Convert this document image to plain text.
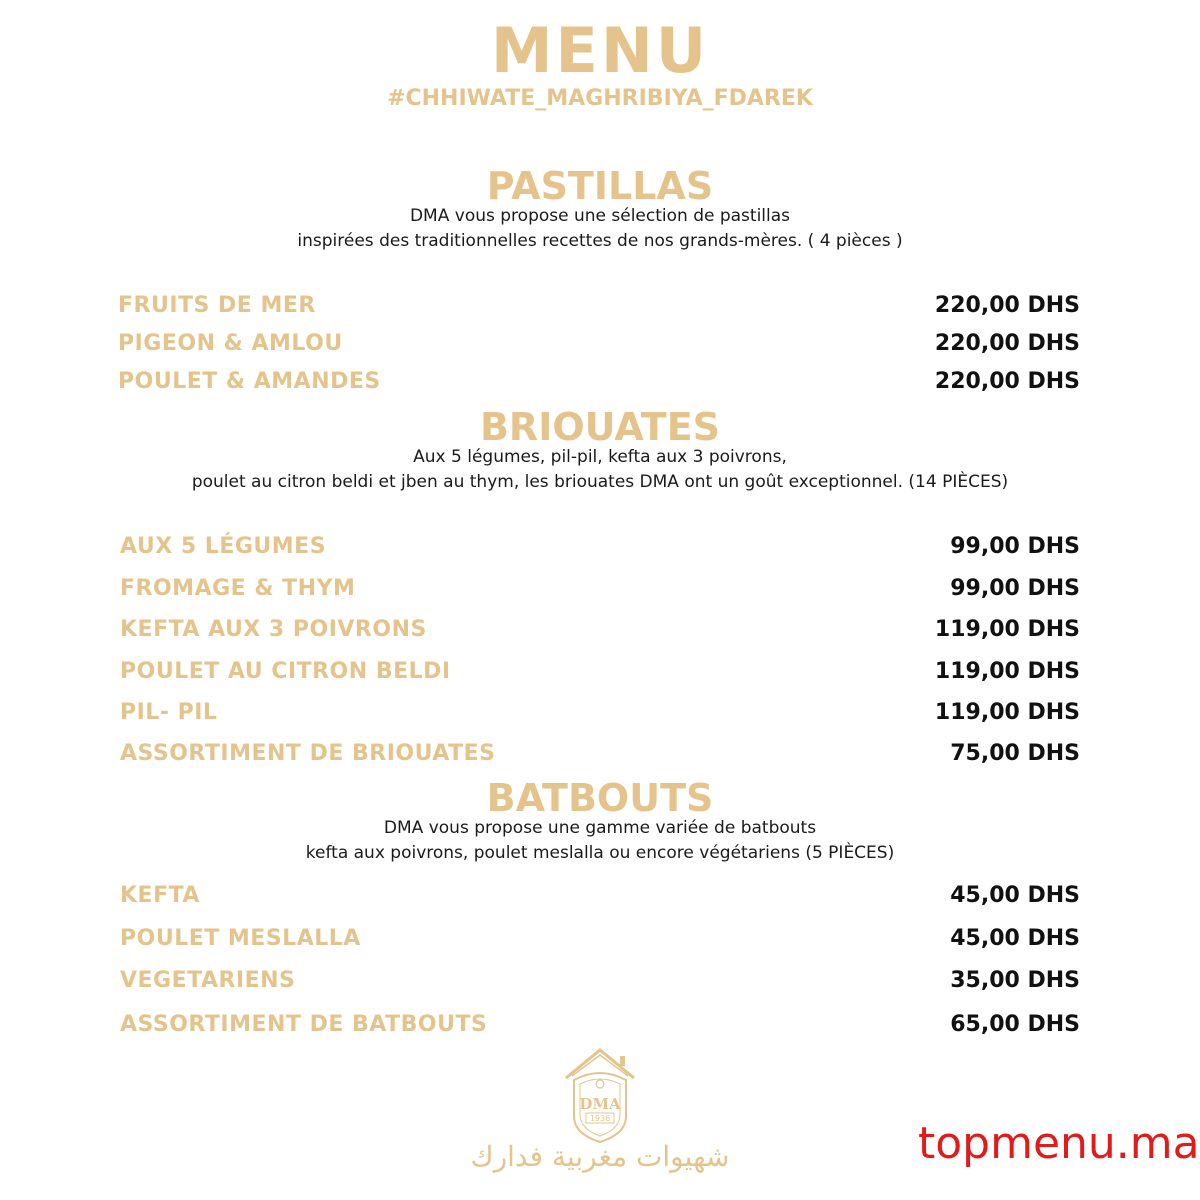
MENU
#CHHIWATE_MAGHRIBIYA_FDAREK
PASTILLAS
DMA vous propose une sélection de pastillas
inspirées des traditionnelles recettes de nos grands-mères. ( 4 pièces )
FRUITS DE MER	220,00 DHS
PIGEON & AMLOU	220,00 DHS
POULET & AMANDES	220,00 DHS
BRIOUATES
Aux 5 légumes, pil-pil, kefta aux 3 poivrons,
poulet au citron beldi et jben au thym, les briouates DMA ont un goût exceptionnel. (14 PIÈCES)
AUX 5 LÉGUMES	99,00 DHS
FROMAGE & THYM	99,00 DHS
KEFTA AUX 3 POIVRONS	119,00 DHS
POULET AU CITRON BELDI	119,00 DHS
PIL- PIL	119,00 DHS
ASSORTIMENT DE BRIOUATES	75,00 DHS
BATBOUTS
DMA vous propose une gamme variée de batbouts
kefta aux poivrons, poulet meslalla ou encore végétariens (5 PIÈCES)
KEFTA	45,00 DHS
POULET MESLALLA	45,00 DHS
VEGETARIENS	35,00 DHS
ASSORTIMENT DE BATBOUTS	65,00 DHS
DMA
1936
شهيوات مغربية فدارك	topmenu.ma
